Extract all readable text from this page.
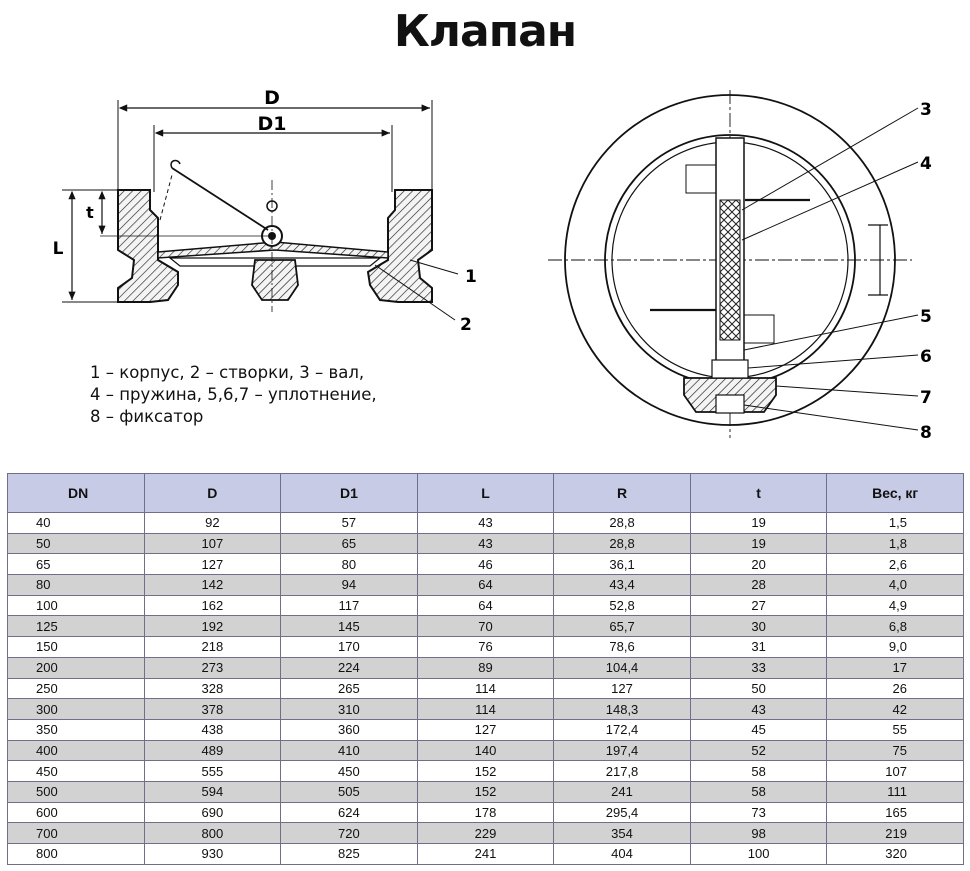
Клапан
D
D1
L
t
1
2
3
4
5
6
7
8
1 – корпус, 2 – створки, 3 – вал,
4 – пружина, 5,6,7 – уплотнение,
8 – фиксатор
DN	D	D1	L	R	t	Вес, кг
40	92	57	43	28,8	19	1,5
50	107	65	43	28,8	19	1,8
65	127	80	46	36,1	20	2,6
80	142	94	64	43,4	28	4,0
100	162	117	64	52,8	27	4,9
125	192	145	70	65,7	30	6,8
150	218	170	76	78,6	31	9,0
200	273	224	89	104,4	33	17
250	328	265	114	127	50	26
300	378	310	114	148,3	43	42
350	438	360	127	172,4	45	55
400	489	410	140	197,4	52	75
450	555	450	152	217,8	58	107
500	594	505	152	241	58	111
600	690	624	178	295,4	73	165
700	800	720	229	354	98	219
800	930	825	241	404	100	320
